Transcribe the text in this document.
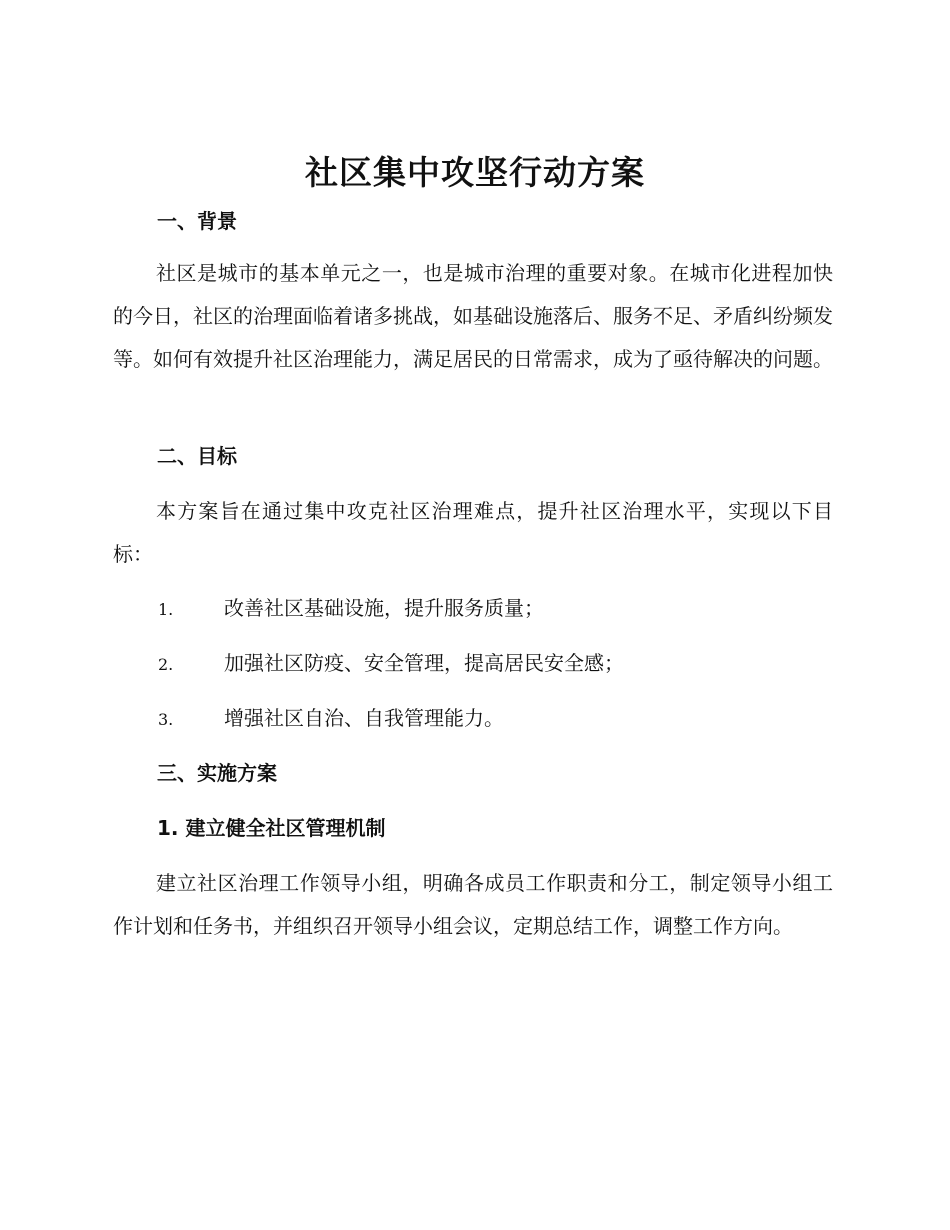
社区集中攻坚行动方案
一、背景

社区是城市的基本单元之一，也是城市治理的重要对象。在城市化进程加快的今日，社区的治理面临着诸多挑战，如基础设施落后、服务不足、矛盾纠纷频发等。如何有效提升社区治理能力，满足居民的日常需求，成为了亟待解决的问题。

二、目标

本方案旨在通过集中攻克社区治理难点，提升社区治理水平，实现以下目标：

1.	改善社区基础设施，提升服务质量；
2.	加强社区防疫、安全管理，提高居民安全感；
3.	增强社区自治、自我管理能力。
三、实施方案
1. 建立健全社区管理机制

建立社区治理工作领导小组，明确各成员工作职责和分工，制定领导小组工作计划和任务书，并组织召开领导小组会议，定期总结工作，调整工作方向。
